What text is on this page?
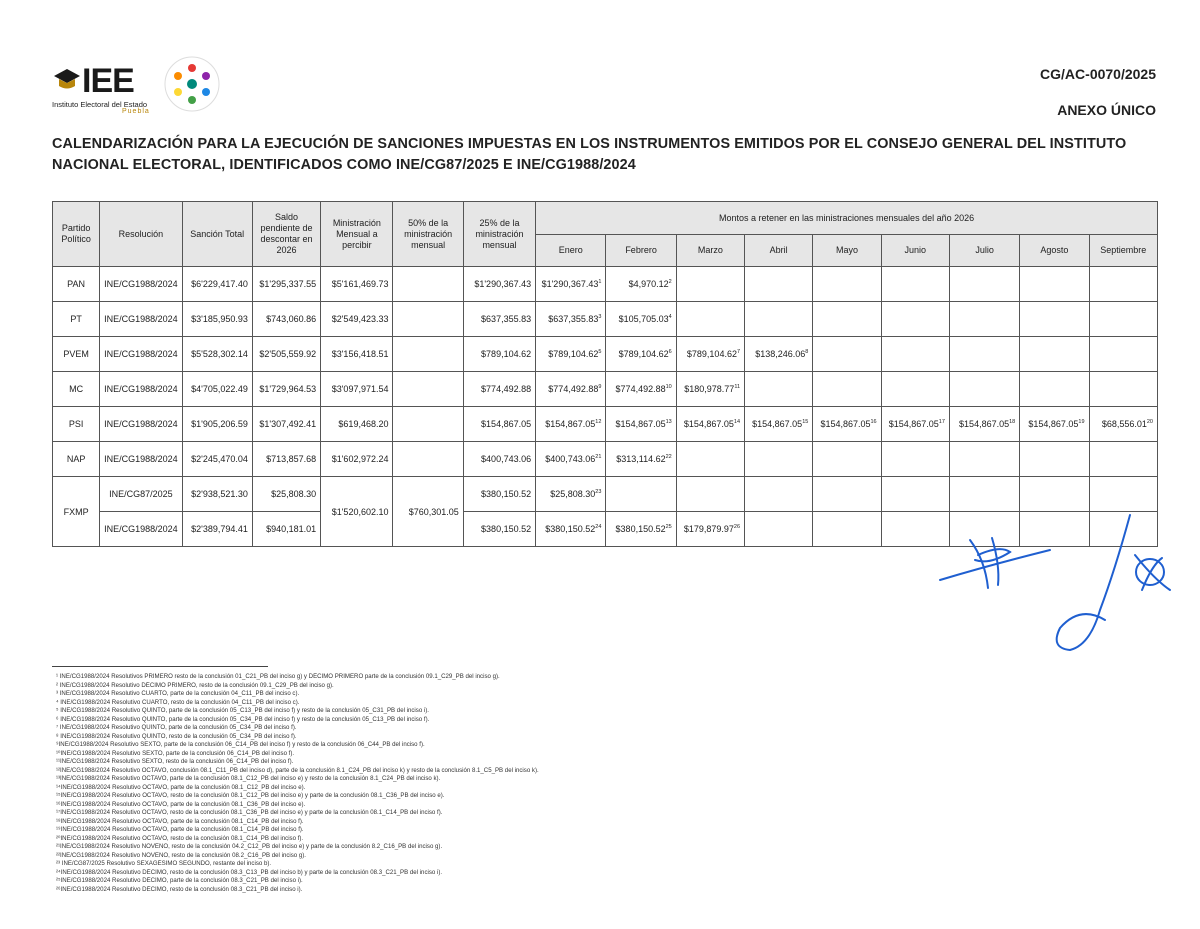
IEE
Instituto Electoral del Estado
Puebla
CG/AC-0070/2025
ANEXO ÚNICO
CALENDARIZACIÓN PARA LA EJECUCIÓN DE SANCIONES IMPUESTAS EN LOS INSTRUMENTOS EMITIDOS POR EL CONSEJO GENERAL DEL INSTITUTO NACIONAL ELECTORAL, IDENTIFICADOS COMO INE/CG87/2025 E INE/CG1988/2024
Partido Político	Resolución	Sanción Total	Saldo pendiente de descontar en 2026	Ministración Mensual a percibir	50% de la ministración mensual	25% de la ministración mensual	Montos a retener en las ministraciones mensuales del año 2026								
							Enero	Febrero	Marzo	Abril	Mayo	Junio	Julio	Agosto	Septiembre
PAN	INE/CG1988/2024	$6'229,417.40	$1'295,337.55	$5'161,469.73		$1'290,367.43	$1'290,367.43$^1$	$4,970.12$^2$							
PT	INE/CG1988/2024	$3'185,950.93	$743,060.86	$2'549,423.33		$637,355.83	$637,355.83$^3$	$105,705.03$^4$							
PVEM	INE/CG1988/2024	$5'528,302.14	$2'505,559.92	$3'156,418.51		$789,104.62	$789,104.62$^5$	$789,104.62$^6$	$789,104.62$^7$	$138,246.06$^8$					
MC	INE/CG1988/2024	$4'705,022.49	$1'729,964.53	$3'097,971.54		$774,492.88	$774,492.88$^9$	$774,492.88$^{10}$	$180,978.77$^{11}$						
PSI	INE/CG1988/2024	$1'905,206.59	$1'307,492.41	$619,468.20		$154,867.05	$154,867.05$^{12}$	$154,867.05$^{13}$	$154,867.05$^{14}$	$154,867.05$^{15}$	$154,867.05$^{16}$	$154,867.05$^{17}$	$154,867.05$^{18}$	$154,867.05$^{19}$	$68,556.01$^{20}$
NAP	INE/CG1988/2024	$2'245,470.04	$713,857.68	$1'602,972.24		$400,743.06	$400,743.06$^{21}$	$313,114.62$^{22}$							
FXMP	INE/CG87/2025	$2'938,521.30	$25,808.30	$1'520,602.10	$760,301.05	$380,150.52	$25,808.30$^{23}$								
	INE/CG1988/2024	$2'389,794.41	$940,181.01			$380,150.52	$380,150.52$^{24}$	$380,150.52$^{25}$	$179,879.97$^{26}$						
¹ INE/CG1988/2024 Resolutivos PRIMERO resto de la conclusión 01_C21_PB del inciso g) y DÉCIMO PRIMERO parte de la conclusión 09.1_C29_PB del inciso g).
² INE/CG1988/2024 Resolutivo DÉCIMO PRIMERO, resto de la conclusión 09.1_C29_PB del inciso g).
³ INE/CG1988/2024 Resolutivo CUARTO, parte de la conclusión 04_C11_PB del inciso c).
⁴ INE/CG1988/2024 Resolutivo CUARTO, resto de la conclusión 04_C11_PB del inciso c).
⁵ INE/CG1988/2024 Resolutivo QUINTO, parte de la conclusión 05_C13_PB del inciso f) y resto de la conclusión 05_C31_PB del inciso i).
⁶ INE/CG1988/2024 Resolutivo QUINTO, parte de la conclusión 05_C34_PB del inciso f) y resto de la conclusión 05_C13_PB del inciso f).
⁷ INE/CG1988/2024 Resolutivo QUINTO, parte de la conclusión 05_C34_PB del inciso f).
⁸ INE/CG1988/2024 Resolutivo QUINTO, resto de la conclusión 05_C34_PB del inciso f).
⁹INE/CG1988/2024 Resolutivo SEXTO, parte de la conclusión 06_C14_PB del inciso f) y resto de la conclusión 06_C44_PB del inciso f).
¹⁰INE/CG1988/2024 Resolutivo SEXTO, parte de la conclusión 06_C14_PB del inciso f).
¹¹INE/CG1988/2024 Resolutivo SEXTO, resto de la conclusión 06_C14_PB del inciso f).
¹²INE/CG1988/2024 Resolutivo OCTAVO, conclusión 08.1_C11_PB del inciso d), parte de la conclusión 8.1_C24_PB del inciso k) y resto de la conclusión 8.1_C5_PB del inciso k).
¹³INE/CG1988/2024 Resolutivo OCTAVO, parte de la conclusión 08.1_C12_PB del inciso e) y resto de la conclusión 8.1_C24_PB del inciso k).
¹⁴INE/CG1988/2024 Resolutivo OCTAVO, parte de la conclusión 08.1_C12_PB del inciso e).
¹⁵INE/CG1988/2024 Resolutivo OCTAVO, resto de la conclusión 08.1_C12_PB del inciso e) y parte de la conclusión 08.1_C36_PB del inciso e).
¹⁶INE/CG1988/2024 Resolutivo OCTAVO, parte de la conclusión 08.1_C36_PB del inciso e).
¹⁷INE/CG1988/2024 Resolutivo OCTAVO, resto de la conclusión 08.1_C36_PB del inciso e) y parte de la conclusión 08.1_C14_PB del inciso f).
¹⁸INE/CG1988/2024 Resolutivo OCTAVO, parte de la conclusión 08.1_C14_PB del inciso f).
¹⁹INE/CG1988/2024 Resolutivo OCTAVO, parte de la conclusión 08.1_C14_PB del inciso f).
²⁰INE/CG1988/2024 Resolutivo OCTAVO, resto de la conclusión 08.1_C14_PB del inciso f).
²¹INE/CG1988/2024 Resolutivo NOVENO, resto de la conclusión 04.2_C12_PB del inciso e) y parte de la conclusión 8.2_C16_PB del inciso g).
²²INE/CG1988/2024 Resolutivo NOVENO, resto de la conclusión 08.2_C16_PB del inciso g).
²³ INE/CG87/2025 Resolutivo SEXAGÉSIMO SEGUNDO, restante del inciso b).
²⁴INE/CG1988/2024 Resolutivo DÉCIMO, resto de la conclusión 08.3_C13_PB del inciso b) y parte de la conclusión 08.3_C21_PB del inciso i).
²⁵INE/CG1988/2024 Resolutivo DÉCIMO, parte de la conclusión 08.3_C21_PB del inciso i).
²⁶INE/CG1988/2024 Resolutivo DÉCIMO, resto de la conclusión 08.3_C21_PB del inciso i).
